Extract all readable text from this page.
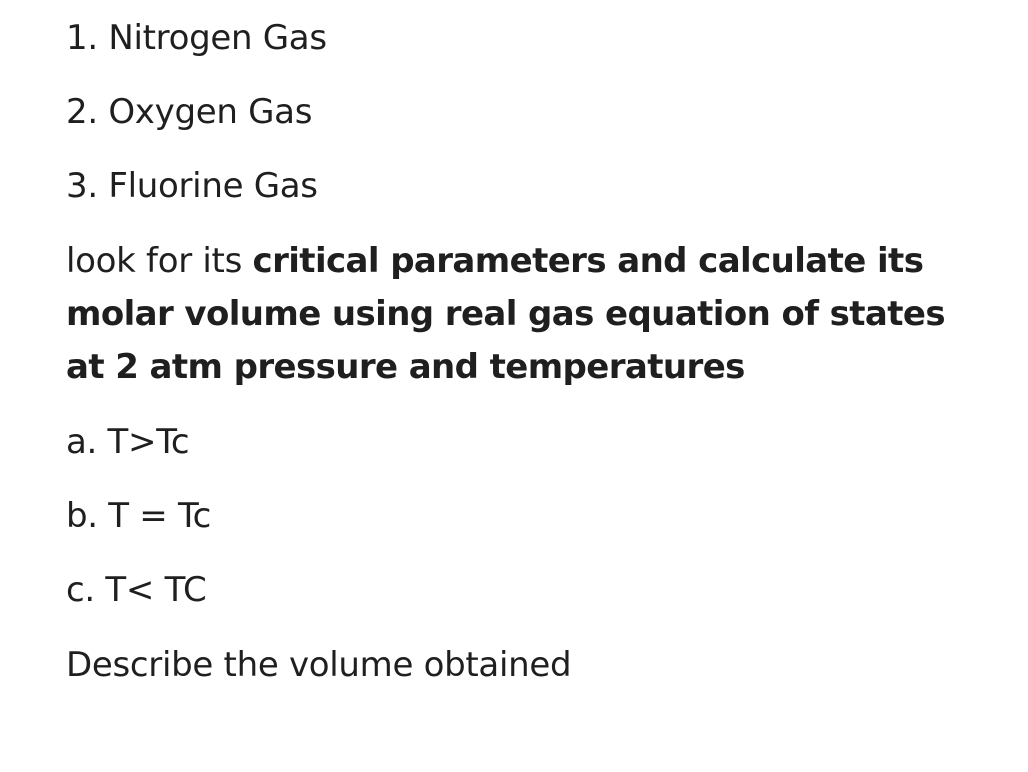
1. Nitrogen Gas
2. Oxygen Gas
3. Fluorine Gas
look for its critical parameters and calculate its
molar volume using real gas equation of states
at 2 atm pressure and temperatures
a. T>Tc
b. T = Tc
c. T< TC
Describe the volume obtained
